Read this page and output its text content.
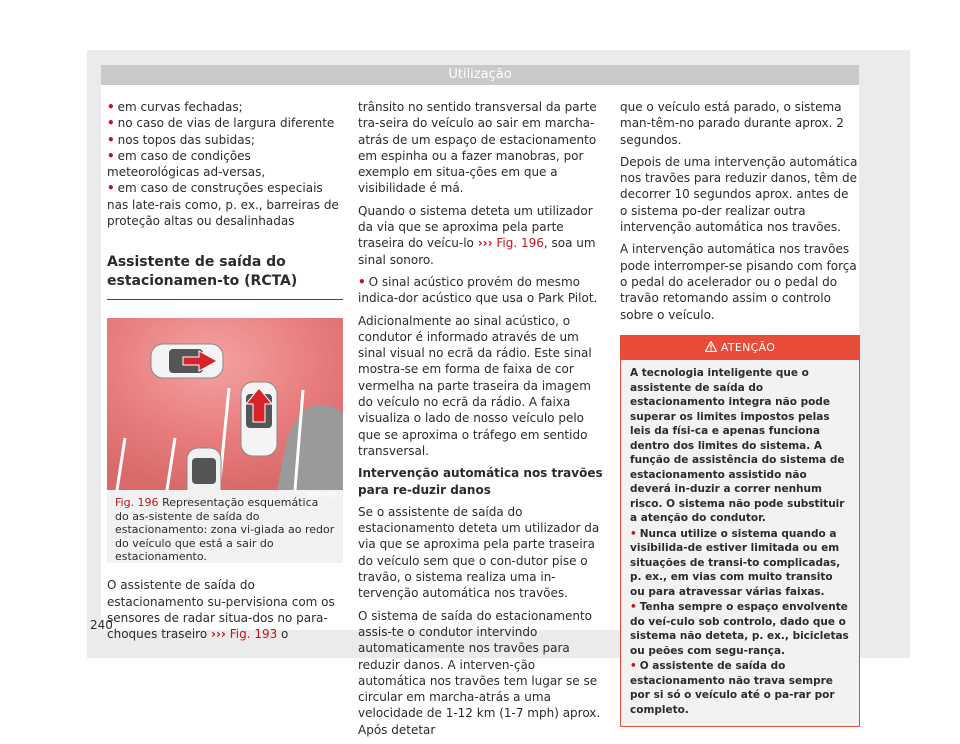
Utilização
• em curvas fechadas;
• no caso de vias de largura diferente
• nos topos das subidas;
• em caso de condições meteorológicas ad-versas,
• em caso de construções especiais nas late-rais como, p. ex., barreiras de proteção altas ou desalinhadas
Assistente de saída do estacionamen-to (RCTA)
B7V-0873
Fig. 196 Representação esquemática do as-sistente de saída do estacionamento: zona vi-giada ao redor do veículo que está a sair do estacionamento.

O assistente de saída do estacionamento su-pervisiona com os sensores de radar situa-dos no para-choques traseiro ››› Fig. 193 o

trânsito no sentido transversal da parte tra-seira do veículo ao sair em marcha-atrás de um espaço de estacionamento em espinha ou a fazer manobras, por exemplo em situa-ções em que a visibilidade é má.

Quando o sistema deteta um utilizador da via que se aproxima pela parte traseira do veícu-lo ››› Fig. 196, soa um sinal sonoro.

• O sinal acústico provém do mesmo indica-dor acústico que usa o Park Pilot.

Adicionalmente ao sinal acústico, o condutor é informado através de um sinal visual no ecrã da rádio. Este sinal mostra-se em forma de faixa de cor vermelha na parte traseira da imagem do veículo no ecrã da rádio. A faixa visualiza o lado de nosso veículo pelo que se aproxima o tráfego em sentido transversal.

Intervenção automática nos travões para re-duzir danos

Se o assistente de saída do estacionamento deteta um utilizador da via que se aproxima pela parte traseira do veículo sem que o con-dutor pise o travão, o sistema realiza uma in-tervenção automática nos travões.

O sistema de saída do estacionamento assis-te o condutor intervindo automaticamente nos travões para reduzir danos. A interven-ção automática nos travões tem lugar se se circular em marcha-atrás a uma velocidade de 1-12 km (1-7 mph) aprox. Após detetar

que o veículo está parado, o sistema man-têm-no parado durante aprox. 2 segundos.

Depois de uma intervenção automática nos travões para reduzir danos, têm de decorrer 10 segundos aprox. antes de o sistema po-der realizar outra intervenção automática nos travões.

A intervenção automática nos travões pode interromper-se pisando com força o pedal do acelerador ou o pedal do travão retomando assim o controlo sobre o veículo.

ATENÇÃO

A tecnologia inteligente que o assistente de saída do estacionamento integra não pode superar os limites impostos pelas leis da físi-ca e apenas funciona dentro dos limites do sistema. A função de assistência do sistema de estacionamento assistido não deverá in-duzir a correr nenhum risco. O sistema não pode substituir a atenção do condutor.

• Nunca utilize o sistema quando a visibilida-de estiver limitada ou em situações de transi-to complicadas, p. ex., em vias com muito transito ou para atravessar várias faixas.

• Tenha sempre o espaço envolvente do veí-culo sob controlo, dado que o sistema não deteta, p. ex., bicicletas ou peões com segu-rança.

• O assistente de saída do estacionamento não trava sempre por si só o veículo até o pa-rar por completo.

240
